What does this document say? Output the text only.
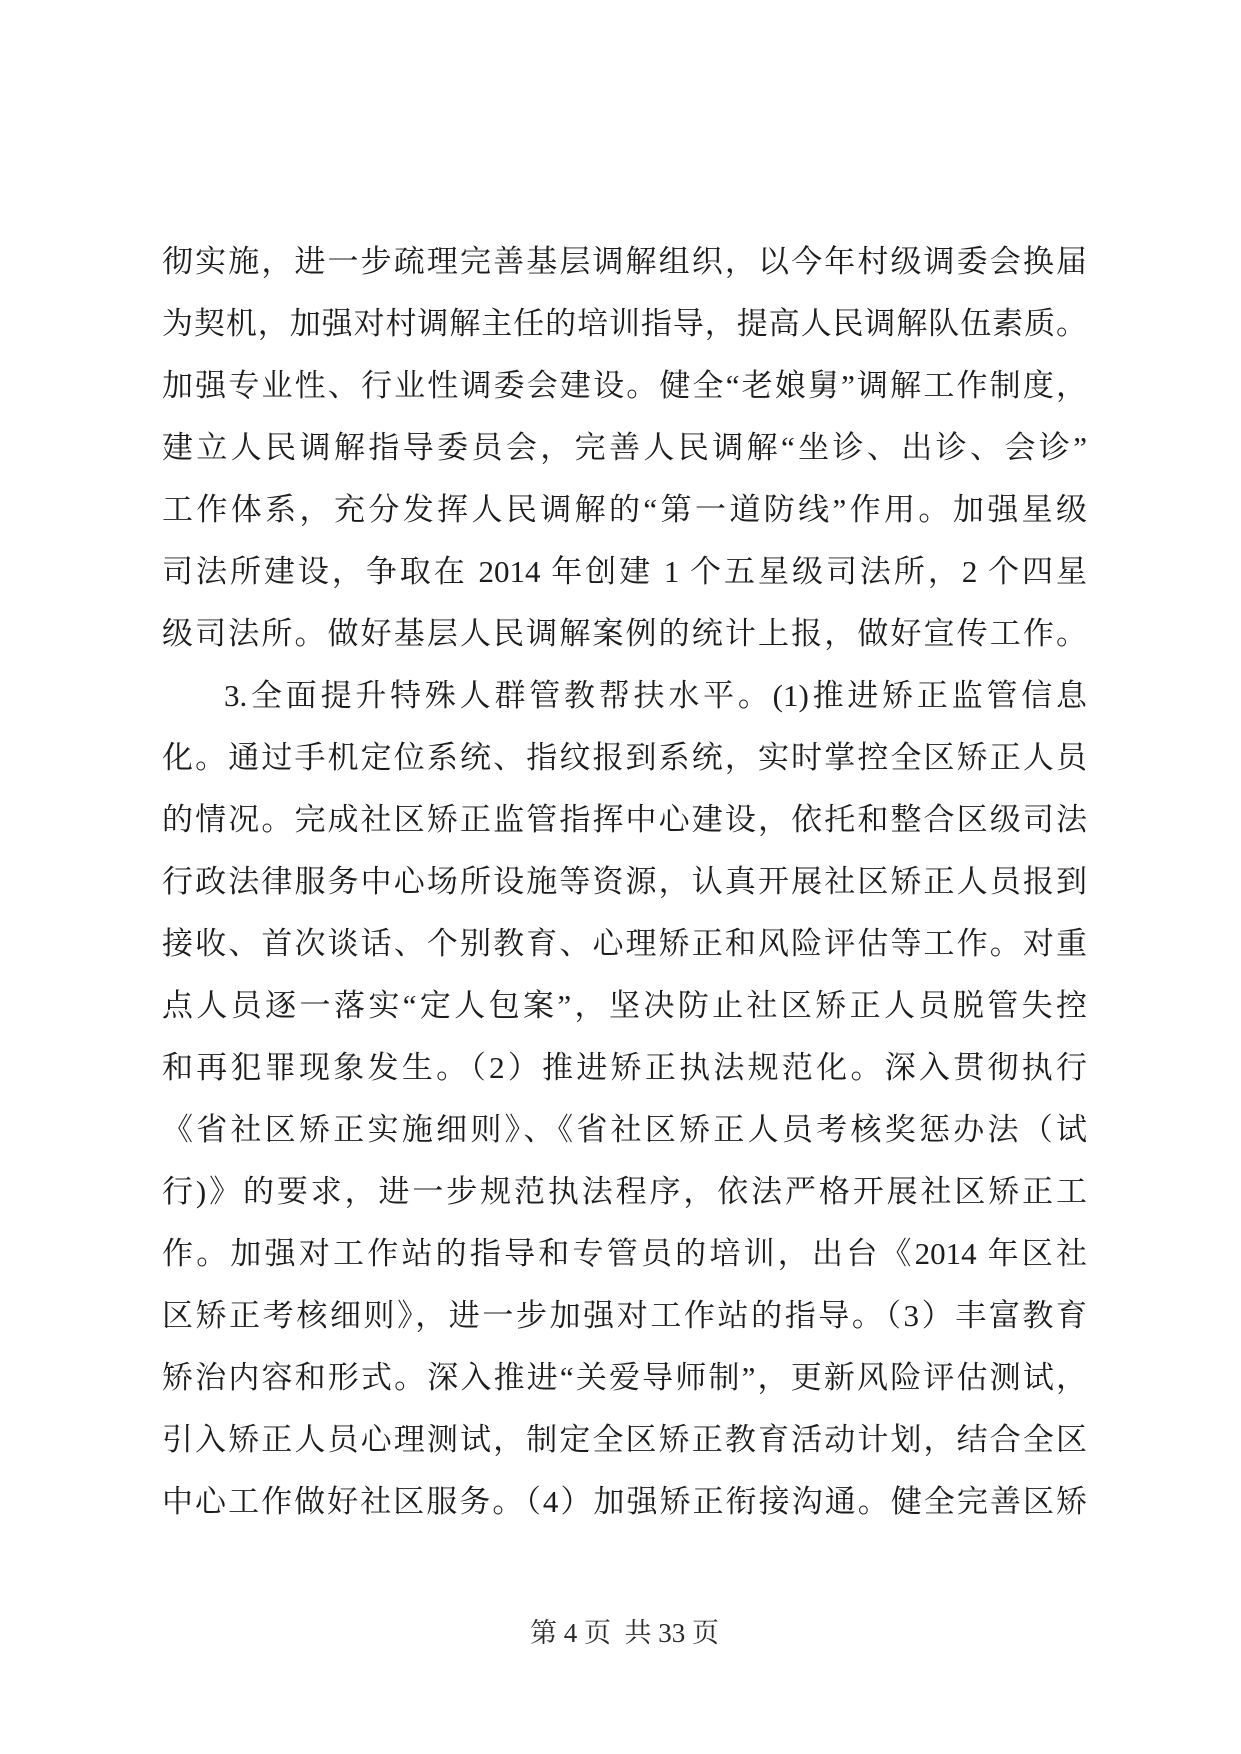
彻实施，进一步疏理完善基层调解组织，以今年村级调委会换届
为契机，加强对村调解主任的培训指导，提高人民调解队伍素质。
加强专业性、行业性调委会建设。健全“老娘舅”调解工作制度，
建立人民调解指导委员会，完善人民调解“坐诊、出诊、会诊”
工作体系，充分发挥人民调解的“第一道防线”作用。加强星级
司法所建设，争取在 2014 年创建 1 个五星级司法所，2 个四星
级司法所。做好基层人民调解案例的统计上报，做好宣传工作。
3.全面提升特殊人群管教帮扶水平。(1)推进矫正监管信息
化。通过手机定位系统、指纹报到系统，实时掌控全区矫正人员
的情况。完成社区矫正监管指挥中心建设，依托和整合区级司法
行政法律服务中心场所设施等资源，认真开展社区矫正人员报到
接收、首次谈话、个别教育、心理矫正和风险评估等工作。对重
点人员逐一落实“定人包案”，坚决防止社区矫正人员脱管失控
和再犯罪现象发生。（2）推进矫正执法规范化。深入贯彻执行
《省社区矫正实施细则》、《省社区矫正人员考核奖惩办法（试
行)》的要求，进一步规范执法程序，依法严格开展社区矫正工
作。加强对工作站的指导和专管员的培训，出台《2014 年区社
区矫正考核细则》，进一步加强对工作站的指导。（3）丰富教育
矫治内容和形式。深入推进“关爱导师制”，更新风险评估测试，
引入矫正人员心理测试，制定全区矫正教育活动计划，结合全区
中心工作做好社区服务。（4）加强矫正衔接沟通。健全完善区矫
第 4 页  共 33 页
